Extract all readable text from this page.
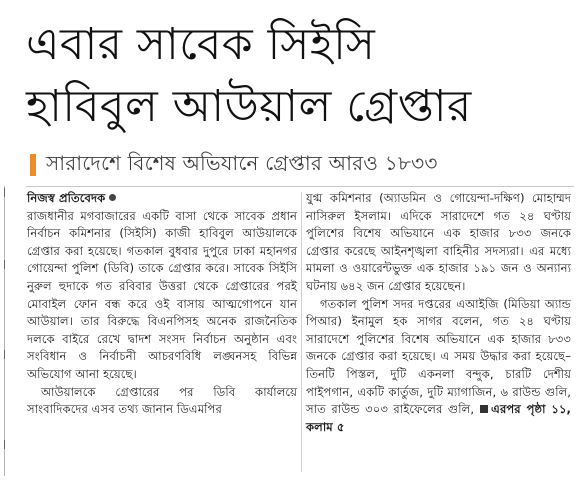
এবার সাবেক সিইসি
হাবিবুল আউয়াল গ্রেপ্তার
সারাদেশে বিশেষ অভিযানে গ্রেপ্তার আরও ১৮৩৩
নিজস্ব প্রতিবেদক
রাজধানীর মগবাজারের একটি বাসা থেকে সাবেক প্রধান নির্বাচন কমিশনার (সিইসি) কাজী হাবিবুল আউয়ালকে গ্রেপ্তার করা হয়েছে। গতকাল বুধবার দুপুরে ঢাকা মহানগর গোয়েন্দা পুলিশ (ডিবি) তাকে গ্রেপ্তার করে। সাবেক সিইসি নুরুল হুদাকে গত রবিবার উত্তরা থেকে গ্রেপ্তারের পরই মোবাইল ফোন বন্ধ করে ওই বাসায় আত্মগোপনে যান আউয়াল। তার বিরুদ্ধে বিএনপিসহ অনেক রাজনৈতিক দলকে বাইরে রেখে দ্বাদশ সংসদ নির্বাচন অনুষ্ঠান এবং সংবিধান ও নির্বাচনী আচরণবিধি লঙ্ঘনসহ বিভিন্ন অভিযোগ আনা হয়েছে।
আউয়ালকে গ্রেপ্তারের পর ডিবি কার্যালয়ে সাংবাদিকদের এসব তথ্য জানান ডিএমপির
যুগ্ম কমিশনার (অ্যাডমিন ও গোয়েন্দা-দক্ষিণ) মোহাম্মদ নাসিরুল ইসলাম। এদিকে সারাদেশে গত ২৪ ঘণ্টায় পুলিশের বিশেষ অভিযানে এক হাজার ৮৩৩ জনকে গ্রেপ্তার করেছে আইনশৃঙ্খলা বাহিনীর সদস্যরা। এর মধ্যে মামলা ও ওয়ারেন্টভুক্ত এক হাজার ১৯১ জন ও অন্যান্য ঘটনায় ৬৪২ জন গ্রেপ্তার হয়েছেন।
গতকাল পুলিশ সদর দপ্তরের এআইজি (মিডিয়া অ্যান্ড পিআর) ইনামুল হক সাগর বলেন, গত ২৪ ঘণ্টায় সারাদেশে পুলিশের বিশেষ অভিযানে এক হাজার ৮৩৩ জনকে গ্রেপ্তার করা হয়েছে। এ সময় উদ্ধার করা হয়েছে– তিনটি পিস্তল, দুটি একনলা বন্দুক, চারটি দেশীয় পাইপগান, একটি কার্তুজ, দুটি ম্যাগাজিন, ৬ রাউন্ড গুলি, সাত রাউন্ড ৩০৩ রাইফেলের গুলি, এরপর পৃষ্ঠা ১১, কলাম ৫
